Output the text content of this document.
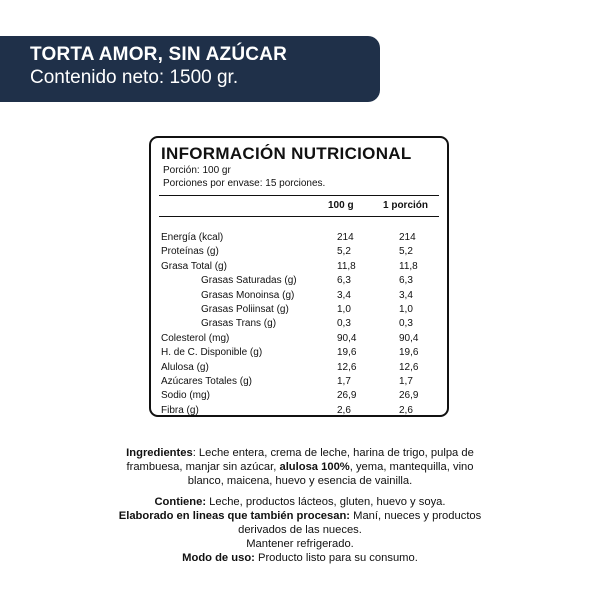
TORTA AMOR, SIN AZÚCAR
Contenido neto: 1500 gr.
INFORMACIÓN NUTRICIONAL
Porción: 100 gr
Porciones por envase: 15 porciones.
100 g	1 porción
Energía (kcal)	214	214
Proteínas (g)	5,2	5,2
Grasa Total (g)	11,8	11,8
Grasas Saturadas (g)	6,3	6,3
Grasas Monoinsa (g)	3,4	3,4
Grasas Poliinsat (g)	1,0	1,0
Grasas Trans (g)	0,3	0,3
Colesterol (mg)	90,4	90,4
H. de C. Disponible (g)	19,6	19,6
Alulosa (g)	12,6	12,6
Azúcares Totales (g)	1,7	1,7
Sodio (mg)	26,9	26,9
Fibra (g)	2,6	2,6
Ingredientes: Leche entera, crema de leche, harina de trigo, pulpa de frambuesa, manjar sin azúcar, alulosa 100%, yema, mantequilla, vino blanco, maicena, huevo y esencia de vainilla.
Contiene: Leche, productos lácteos, gluten, huevo y soya.
Elaborado en lineas que también procesan: Maní, nueces y productos derivados de las nueces.
Mantener refrigerado.
Modo de uso: Producto listo para su consumo.
